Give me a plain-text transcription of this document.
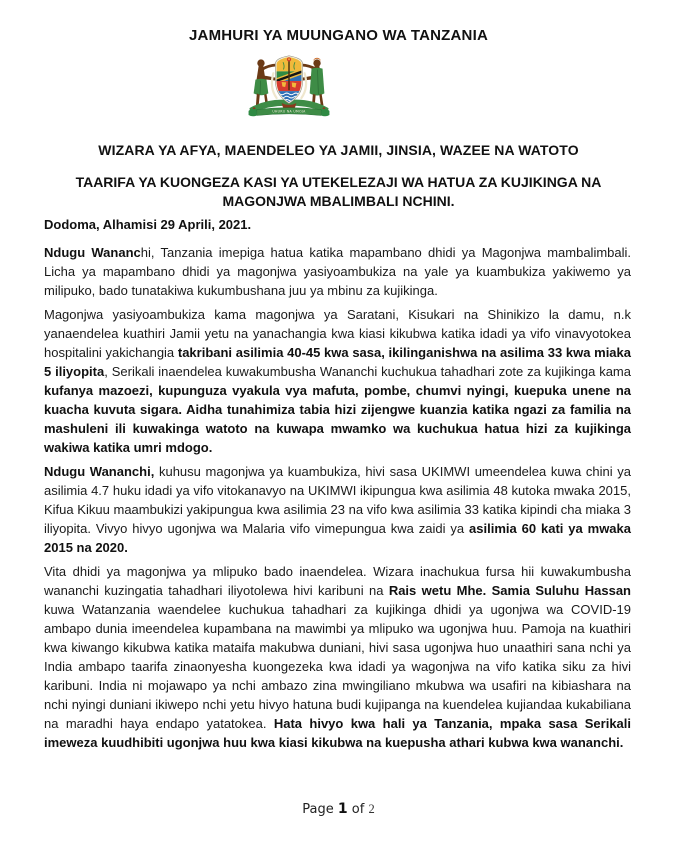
JAMHURI YA MUUNGANO WA TANZANIA
UHURU NA UMOJA
WIZARA YA AFYA, MAENDELEO YA JAMII, JINSIA, WAZEE NA WATOTO
TAARIFA YA KUONGEZA KASI YA UTEKELEZAJI WA HATUA ZA KUJIKINGA NA MAGONJWA MBALIMBALI NCHINI.
Dodoma, Alhamisi 29 Aprili, 2021.

Ndugu Wananchi, Tanzania imepiga hatua katika mapambano dhidi ya Magonjwa mambalimbali. Licha ya mapambano dhidi ya magonjwa yasiyoambukiza na yale ya kuambukiza yakiwemo ya milipuko, bado tunatakiwa kukumbushana juu ya mbinu za kujikinga.

Magonjwa yasiyoambukiza kama magonjwa ya Saratani, Kisukari na Shinikizo la damu, n.k yanaendelea kuathiri Jamii yetu na yanachangia kwa kiasi kikubwa katika idadi ya vifo vinavyotokea hospitalini yakichangia takribani asilimia 40-45 kwa sasa, ikilinganishwa na asilima 33 kwa miaka 5 iliyopita, Serikali inaendelea kuwakumbusha Wananchi kuchukua tahadhari zote za kujikinga kama kufanya mazoezi, kupunguza vyakula vya mafuta, pombe, chumvi nyingi, kuepuka unene na kuacha kuvuta sigara. Aidha tunahimiza tabia hizi zijengwe kuanzia katika ngazi za familia na mashuleni ili kuwakinga watoto na kuwapa mwamko wa kuchukua hatua hizi za kujikinga wakiwa katika umri mdogo.

Ndugu Wananchi, kuhusu magonjwa ya kuambukiza, hivi sasa UKIMWI umeendelea kuwa chini ya asilimia 4.7 huku idadi ya vifo vitokanavyo na UKIMWI ikipungua kwa asilimia 48 kutoka mwaka 2015, Kifua Kikuu maambukizi yakipungua kwa asilimia 23 na vifo kwa asilimia 33 katika kipindi cha miaka 3 iliyopita. Vivyo hivyo ugonjwa wa Malaria vifo vimepungua kwa zaidi ya asilimia 60 kati ya mwaka 2015 na 2020.

Vita dhidi ya magonjwa ya mlipuko bado inaendelea. Wizara inachukua fursa hii kuwakumbusha wananchi kuzingatia tahadhari iliyotolewa hivi karibuni na Rais wetu Mhe. Samia Suluhu Hassan kuwa Watanzania waendelee kuchukua tahadhari za kujikinga dhidi ya ugonjwa wa COVID-19 ambapo dunia imeendelea kupambana na mawimbi ya mlipuko wa ugonjwa huu. Pamoja na kuathiri kwa kiwango kikubwa katika mataifa makubwa duniani, hivi sasa ugonjwa huo unaathiri sana nchi ya India ambapo taarifa zinaonyesha kuongezeka kwa idadi ya wagonjwa na vifo katika siku za hivi karibuni. India ni mojawapo ya nchi ambazo zina mwingiliano mkubwa wa usafiri na kibiashara na nchi nyingi duniani ikiwepo nchi yetu hivyo hatuna budi kujipanga na kuendelea kujiandaa kukabiliana na maradhi haya endapo yatatokea. Hata hivyo kwa hali ya Tanzania, mpaka sasa Serikali imeweza kuudhibiti ugonjwa huu kwa kiasi kikubwa na kuepusha athari kubwa kwa wananchi.

Page 1 of 2
